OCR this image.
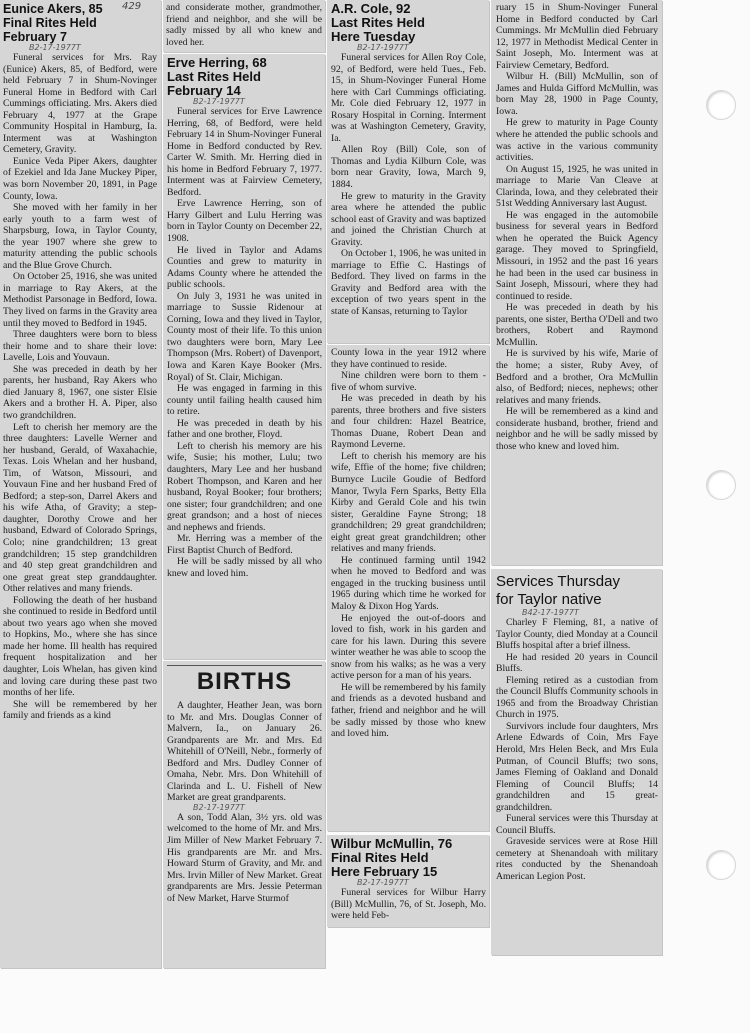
Eunice Akers, 85
Final Rites Held
February 7
B2-17-1977T

Funeral services for Mrs. Ray (Eunice) Akers, 85, of Bedford, were held February 7 in Shum-Novinger Funeral Home in Bedford with Carl Cummings officiating. Mrs. Akers died February 4, 1977 at the Grape Community Hospital in Hamburg, Ia. Interment was at Washington Cemetery, Gravity.

Eunice Veda Piper Akers, daughter of Ezekiel and Ida Jane Muckey Piper, was born November 20, 1891, in Page County, Iowa.

She moved with her family in her early youth to a farm west of Sharpsburg, Iowa, in Taylor County, the year 1907 where she grew to maturity attending the public schools and the Blue Grove Church.

On October 25, 1916, she was united in marriage to Ray Akers, at the Methodist Parsonage in Bedford, Iowa. They lived on farms in the Gravity area until they moved to Bedford in 1945.

Three daughters were born to bless their home and to share their love: Lavelle, Lois and Youvaun.

She was preceded in death by her parents, her husband, Ray Akers who died January 8, 1967, one sister Elsie Akers and a brother H. A. Piper, also two grandchildren.

Left to cherish her memory are the three daughters: Lavelle Werner and her husband, Gerald, of Waxahachie, Texas. Lois Whelan and her husband, Tim, of Watson, Missouri, and Youvaun Fine and her husband Fred of Bedford; a step-son, Darrel Akers and his wife Atha, of Gravity; a step-daughter, Dorothy Crowe and her husband, Edward of Colorado Springs, Colo; nine grandchildren; 13 great grandchildren; 15 step grandchildren and 40 step great grandchildren and one great great step granddaughter. Other relatives and many friends.

Following the death of her husband she continued to reside in Bedford until about two years ago when she moved to Hopkins, Mo., where she has since made her home. Ill health has required frequent hospitalization and her daughter, Lois Whelan, has given kind and loving care during these past two months of her life.

She will be remembered by her family and friends as a kind

429	and considerate mother, grandmother, friend and neighbor, and she will be sadly missed by all who knew and loved her.

Erve Herring, 68
Last Rites Held
February 14
B2-17-1977T

Funeral services for Erve Lawrence Herring, 68, of Bedford, were held February 14 in Shum-Novinger Funeral Home in Bedford conducted by Rev. Carter W. Smith. Mr. Herring died in his home in Bedford February 7, 1977. Interment was at Fairview Cemetery, Bedford.

Erve Lawrence Herring, son of Harry Gilbert and Lulu Herring was born in Taylor County on December 22, 1908.

He lived in Taylor and Adams Counties and grew to maturity in Adams County where he attended the public schools.

On July 3, 1931 he was united in marriage to Sussie Ridenour at Corning, Iowa and they lived in Taylor, County most of their life. To this union two daughters were born, Mary Lee Thompson (Mrs. Robert) of Davenport, Iowa and Karen Kaye Booker (Mrs. Royal) of St. Clair, Michigan.

He was engaged in farming in this county until failing health caused him to retire.

He was preceded in death by his father and one brother, Floyd.

Left to cherish his memory are his wife, Susie; his mother, Lulu; two daughters, Mary Lee and her husband Robert Thompson, and Karen and her husband, Royal Booker; four brothers; one sister; four grandchildren; and one great grandson; and a host of nieces and nephews and friends.

Mr. Herring was a member of the First Baptist Church of Bedford.

He will be sadly missed by all who knew and loved him.

BIRTHS

A daughter, Heather Jean, was born to Mr. and Mrs. Douglas Conner of Malvern, Ia., on January 26. Grandparents are Mr. and Mrs. Ed Whitehill of O'Neill, Nebr., formerly of Bedford and Mrs. Dudley Conner of Omaha, Nebr. Mrs. Don Whitehill of Clarinda and L. U. Fishell of New Market are great grandparents.

B2-17-1977T

A son, Todd Alan, 3½ yrs. old was welcomed to the home of Mr. and Mrs. Jim Miller of New Market February 7. His grandparents are Mr. and Mrs. Howard Sturm of Gravity, and Mr. and Mrs. Irvin Miller of New Market. Great grandparents are Mrs. Jessie Peterman of New Market, Harve Sturmof

A.R. Cole, 92
Last Rites Held
Here Tuesday
B2-17-1977T

Funeral services for Allen Roy Cole, 92, of Bedford, were held Tues., Feb. 15, in Shum-Novinger Funeral Home here with Carl Cummings officiating. Mr. Cole died February 12, 1977 in Rosary Hospital in Corning. Interment was at Washington Cemetery, Gravity, Ia.

Allen Roy (Bill) Cole, son of Thomas and Lydia Kilburn Cole, was born near Gravity, Iowa, March 9, 1884.

He grew to maturity in the Gravity area where he attended the public school east of Gravity and was baptized and joined the Christian Church at Gravity.

On October 1, 1906, he was united in marriage to Effie C. Hastings of Bedford. They lived on farms in the Gravity and Bedford area with the exception of two years spent in the state of Kansas, returning to Taylor

County Iowa in the year 1912 where they have continued to reside.

Nine children were born to them - five of whom survive.

He was preceded in death by his parents, three brothers and five sisters and four children: Hazel Beatrice, Thomas Duane, Robert Dean and Raymond Leverne.

Left to cherish his memory are his wife, Effie of the home; five children; Burnyce Lucile Goudie of Bedford Manor, Twyla Fern Sparks, Betty Ella Kirby and Gerald Cole and his twin sister, Geraldine Fayne Strong; 18 grandchildren; 29 great grandchildren; eight great great grandchildren; other relatives and many friends.

He continued farming until 1942 when he moved to Bedford and was engaged in the trucking business until 1965 during which time he worked for Maloy & Dixon Hog Yards.

He enjoyed the out-of-doors and loved to fish, work in his garden and care for his lawn. During this severe winter weather he was able to scoop the snow from his walks; as he was a very active person for a man of his years.

He will be remembered by his family and friends as a devoted husband and father, friend and neighbor and he will be sadly missed by those who knew and loved him.

Wilbur McMullin, 76
Final Rites Held
Here February 15
B2-17-1977T

Funeral services for Wilbur Harry (Bill) McMullin, 76, of St. Joseph, Mo. were held Feb-

ruary 15 in Shum-Novinger Funeral Home in Bedford conducted by Carl Cummings. Mr McMullin died February 12, 1977 in Methodist Medical Center in Saint Joseph, Mo. Interment was at Fairview Cemetary, Bedford.

Wilbur H. (Bill) McMullin, son of James and Hulda Gifford McMullin, was born May 28, 1900 in Page County, Iowa.

He grew to maturity in Page County where he attended the public schools and was active in the various community activities.

On August 15, 1925, he was united in marriage to Marie Van Cleave at Clarinda, Iowa, and they celebrated their 51st Wedding Anniversary last August.

He was engaged in the automobile business for several years in Bedford when he operated the Buick Agency garage. They moved to Springfield, Missouri, in 1952 and the past 16 years he had been in the used car business in Saint Joseph, Missouri, where they had continued to reside.

He was preceded in death by his parents, one sister, Bertha O'Dell and two brothers, Robert and Raymond McMullin.

He is survived by his wife, Marie of the home; a sister, Ruby Avey, of Bedford and a brother, Ora McMullin also, of Bedford; nieces, nephews; other relatives and many friends.

He will be remembered as a kind and considerate husband, brother, friend and neighbor and he will be sadly missed by those who knew and loved him.

Services Thursday
for Taylor native
B42-17-1977T

Charley F Fleming, 81, a native of Taylor County, died Monday at a Council Bluffs hospital after a brief illness.

He had resided 20 years in Council Bluffs.

Fleming retired as a custodian from the Council Bluffs Community schools in 1965 and from the Broadway Christian Church in 1975.

Survivors include four daughters, Mrs Arlene Edwards of Coin, Mrs Faye Herold, Mrs Helen Beck, and Mrs Eula Putman, of Council Bluffs; two sons, James Fleming of Oakland and Donald Fleming of Council Bluffs; 14 grandchildren and 15 great-grandchildren.

Funeral services were this Thursday at Council Bluffs.

Graveside services were at Rose Hill cemetery at Shenandoah with military rites conducted by the Shenandoah American Legion Post.
